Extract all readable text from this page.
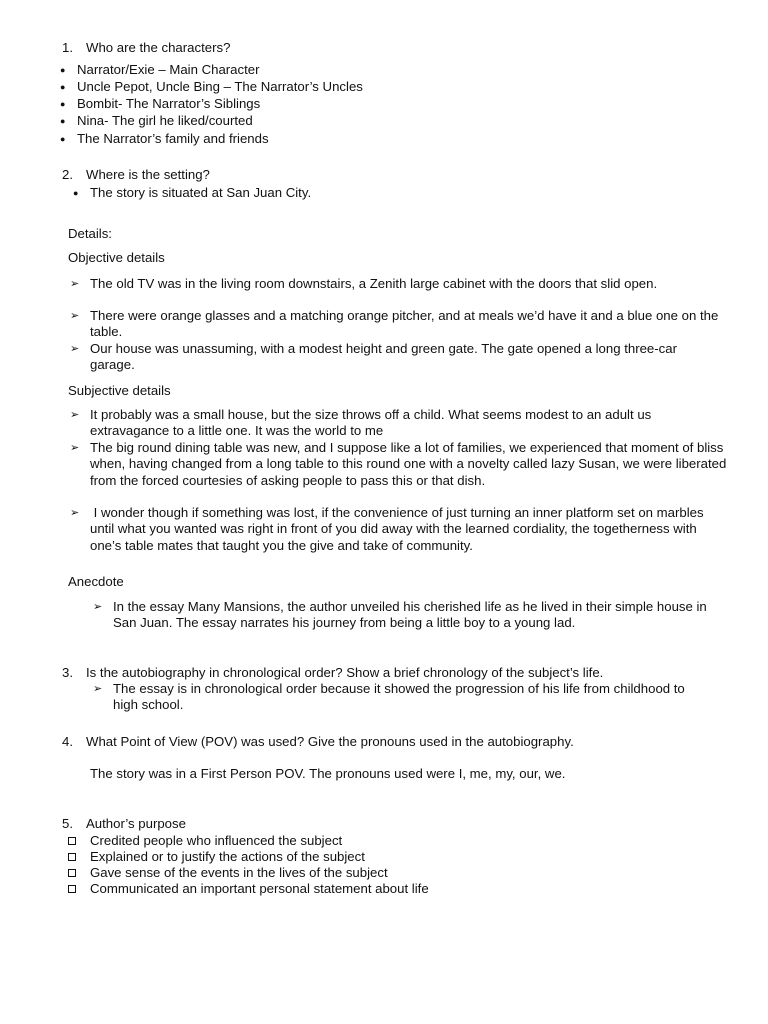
1. Who are the characters?
● Narrator/Exie – Main Character
● Uncle Pepot, Uncle Bing – The Narrator’s Uncles
● Bombit- The Narrator’s Siblings
● Nina- The girl he liked/courted
● The Narrator’s family and friends
2. Where is the setting?
● The story is situated at San Juan City.
Details:
Objective details
➢ The old TV was in the living room downstairs, a Zenith large cabinet with the doors that slid open.
➢ There were orange glasses and a matching orange pitcher, and at meals we’d have it and a blue one on the table.
➢ Our house was unassuming, with a modest height and green gate. The gate opened a long three-car garage.
Subjective details
➢ It probably was a small house, but the size throws off a child. What seems modest to an adult us extravagance to a little one. It was the world to me
➢ The big round dining table was new, and I suppose like a lot of families, we experienced that moment of bliss when, having changed from a long table to this round one with a novelty called lazy Susan, we were liberated from the forced courtesies of asking people to pass this or that dish.
➢ I wonder though if something was lost, if the convenience of just turning an inner platform set on marbles until what you wanted was right in front of you did away with the learned cordiality, the togetherness with one’s table mates that taught you the give and take of community.
Anecdote
➢ In the essay Many Mansions, the author unveiled his cherished life as he lived in their simple house in San Juan. The essay narrates his journey from being a little boy to a young lad.
3. Is the autobiography in chronological order? Show a brief chronology of the subject’s life.
➢ The essay is in chronological order because it showed the progression of his life from childhood to high school.
4. What Point of View (POV) was used? Give the pronouns used in the autobiography.
The story was in a First Person POV. The pronouns used were I, me, my, our, we.
5. Author’s purpose
Credited people who influenced the subject
Explained or to justify the actions of the subject
Gave sense of the events in the lives of the subject
Communicated an important personal statement about life
